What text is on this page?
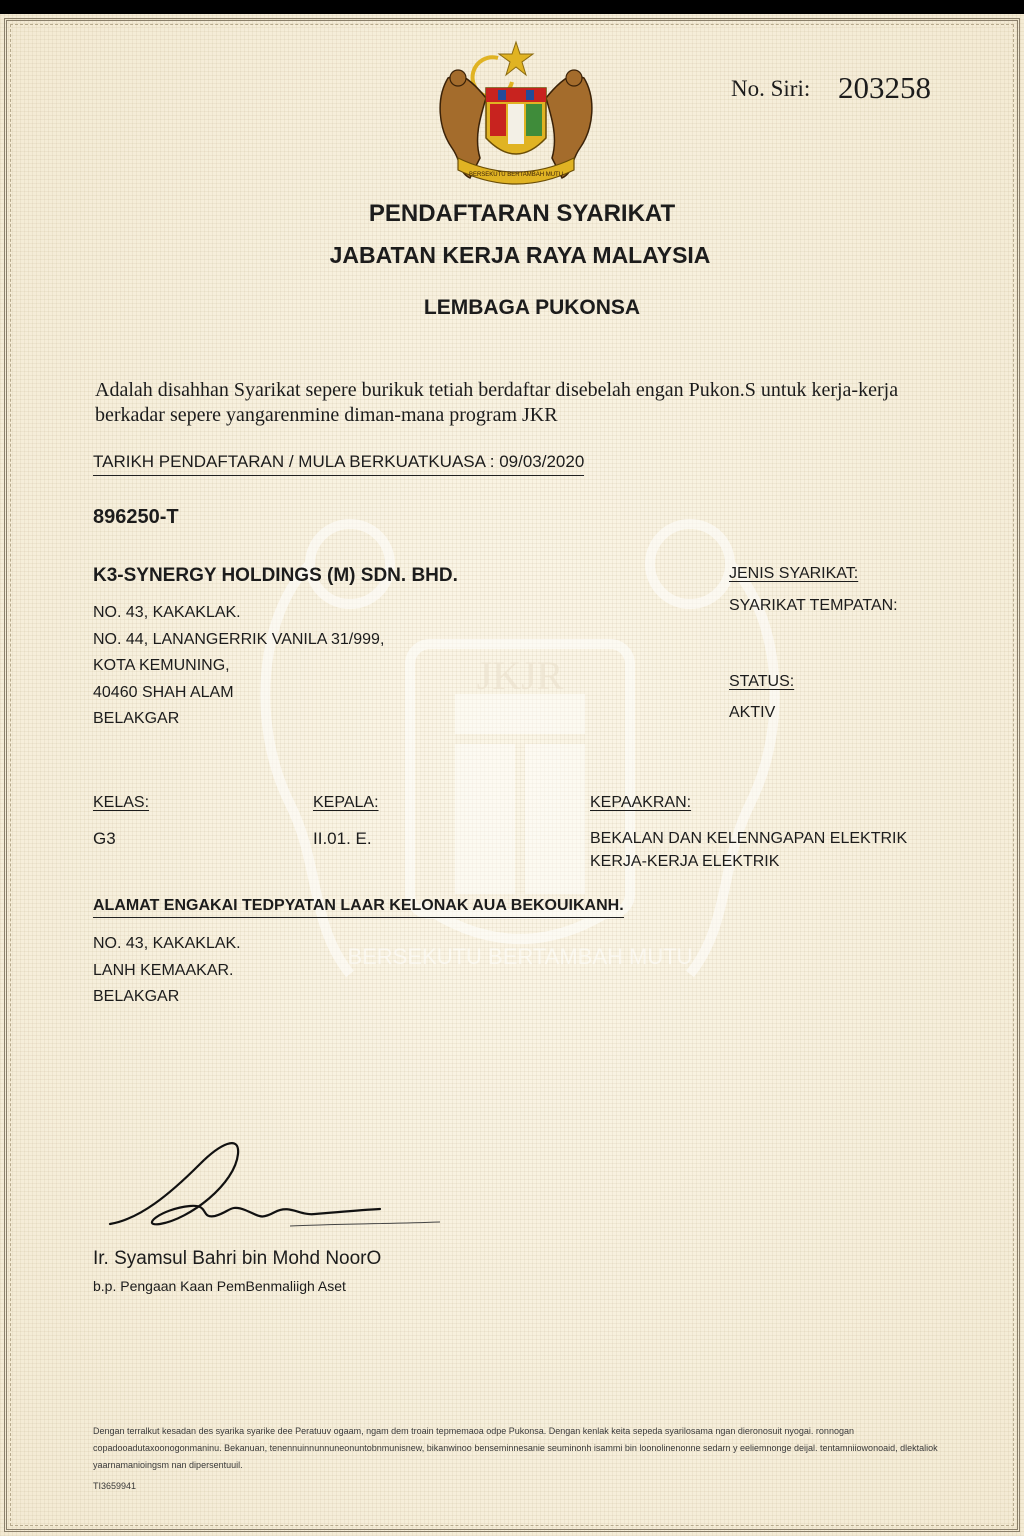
JKJR
BERSEKUTU BERTAMBAH MUTU
BERSEKUTU BERTAMBAH MUTU
No. Siri: 203258
PENDAFTARAN SYARIKAT
JABATAN KERJA RAYA MALAYSIA
LEMBAGA PUKONSA
Adalah disahhan Syarikat sepere burikuk tetiah berdaftar disebelah engan Pukon.S untuk kerja-kerja berkadar sepere yangarenmine diman-mana program JKR
TARIKH PENDAFTARAN / MULA BERKUATKUASA : 09/03/2020
896250-T
K3-SYNERGY HOLDINGS (M) SDN. BHD.
NO. 43, KAKAKLAK.
NO. 44, LANANGERRIK VANILA 31/999,
KOTA KEMUNING,
40460 SHAH ALAM
BELAKGAR
JENIS SYARIKAT:
SYARIKAT TEMPATAN:
STATUS:
AKTIV
KELAS:
G3
KEPALA:
II.01. E.
KEPAAKRAN:
BEKALAN DAN KELENNGAPAN ELEKTRIK
KERJA-KERJA ELEKTRIK
ALAMAT ENGAKAI TEDPYATAN LAAR KELONAK AUA BEKOUIKANH.
NO. 43, KAKAKLAK.
LANH KEMAAKAR.
BELAKGAR
Ir. Syamsul Bahri bin Mohd NoorO
b.p. Pengaan Kaan PemBenmaliigh Aset
Dengan terralkut kesadan des syarika syarike dee Peratuuv ogaam, ngam dem troain tepmemaoa odpe Pukonsa. Dengan kenlak keita sepeda syarilosama ngan dieronosuit nyogai. ronnogan copadooadutaxoonogonmaninu. Bekanuan, tenennuinnunnuneonuntobnmunisnew, bikanwinoo benseminnesanie seuminonh isammi bin loonolinenonne sedarn y eeliemnonge deijal. tentamniiowonoaid, dlektaliok yaarnamanioingsm nan dipersentuuil.
TI3659941
